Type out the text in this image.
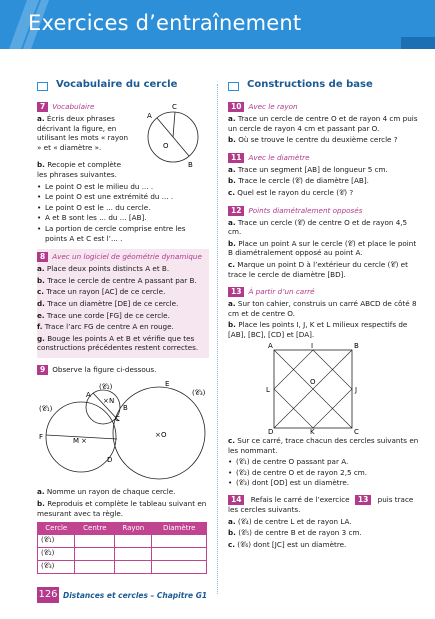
Exercices d’entraînement
Vocabulaire du cercle
7 Vocabulaire
A
C
O
B

a. Écris deux phrases décrivant la figure, en utilisant les mots « rayon » et « diamètre ».

b. Recopie et complète les phrases suivantes.

• Le point O est le milieu du ... .
• Le point O est une extrémité du ... .
• Le point O est le ... du cercle.
• A et B sont les ... du ... [AB].
• La portion de cercle comprise entre les points A et C est l’... .
8 Avec un logiciel de géométrie dynamique

a. Place deux points distincts A et B.

b. Trace le cercle de centre A passant par B.

c. Trace un rayon [AC] de ce cercle.

d. Trace un diamètre [DE] de ce cercle.

e. Trace une corde [FG] de ce cercle.

f. Trace l’arc FG de centre A en rouge.

g. Bouge les points A et B et vérifie que tes constructions précédentes restent correctes.

9 Observe la figure ci-dessous.
(𝒞₂)
(𝒞₁)
(𝒞₃)
A
× N
B
C
E
F	M ×
× O
D

a. Nomme un rayon de chaque cercle.

b. Reproduis et complète le tableau suivant en mesurant avec ta règle.

Cercle	Centre	Rayon	Diamètre
(𝒞₁)			
(𝒞₂)			
(𝒞₃)			
Constructions de base
10 Avec le rayon

a. Trace un cercle de centre O et de rayon 4 cm puis un cercle de rayon 4 cm et passant par O.

b. Où se trouve le centre du deuxième cercle ?

11 Avec le diamètre

a. Trace un segment [AB] de longueur 5 cm.

b. Trace le cercle (𝒞) de diamètre [AB].

c. Quel est le rayon du cercle (𝒞) ?

12 Points diamétralement opposés

a. Trace un cercle (𝒞) de centre O et de rayon 4,5 cm.

b. Place un point A sur le cercle (𝒞) et place le point B diamétralement opposé au point A.

c. Marque un point D à l’extérieur du cercle (𝒞) et trace le cercle de diamètre [BD].

13 À partir d’un carré

a. Sur ton cahier, construis un carré ABCD de côté 8 cm et de centre O.

b. Place les points I, J, K et L milieux respectifs de [AB], [BC], [CD] et [DA].

A	I	B
L
O
J
D	K	C

c. Sur ce carré, trace chacun des cercles suivants en les nommant.

• (𝒞₁) de centre O passant par A.
• (𝒞₂) de centre O et de rayon 2,5 cm.
• (𝒞₃) dont [OD] est un diamètre.

14 Refais le carré de l’exercice 13 puis trace les cercles suivants.

a. (𝒞₄) de centre L et de rayon LA.

b. (𝒞₅) de centre B et de rayon 3 cm.

c. (𝒞₆) dont [JC] est un diamètre.

126 Distances et cercles – Chapitre G1
